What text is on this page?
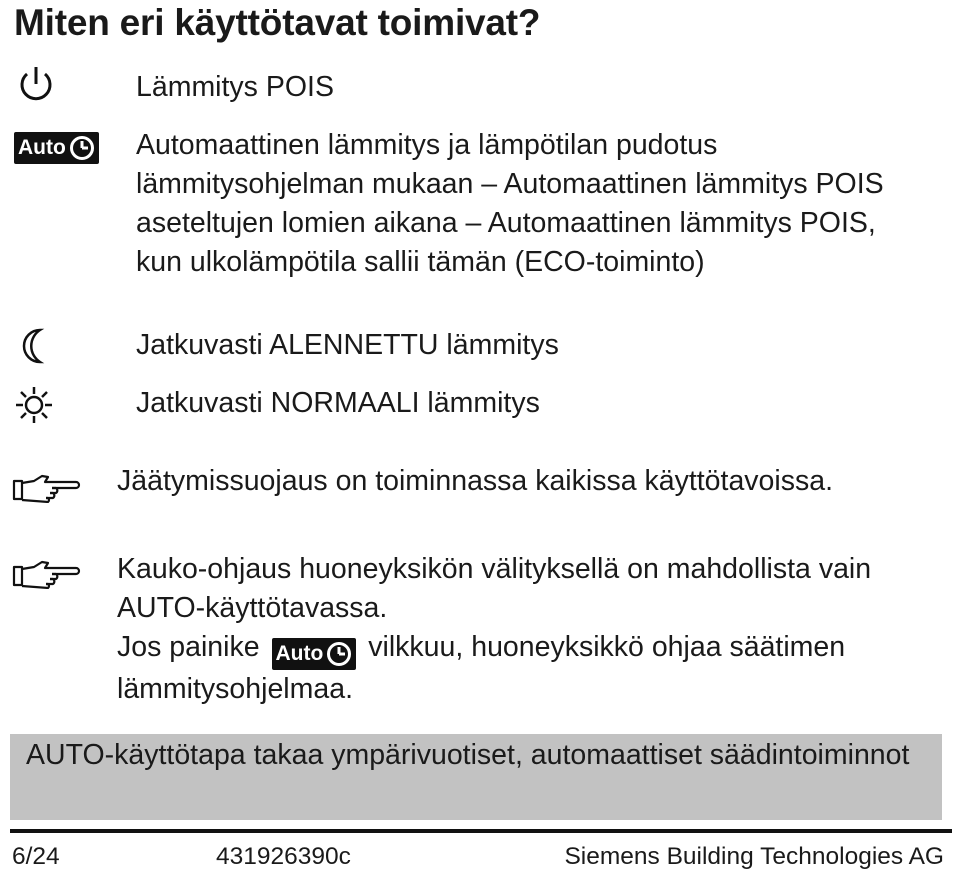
Miten eri käyttötavat toimivat?

Lämmitys POIS

Auto Automaattinen lämmitys ja lämpötilan pudotus lämmitysohjelman mukaan – Automaattinen lämmitys POIS aseteltujen lomien aikana – Automaattinen lämmitys POIS, kun ulkolämpötila sallii tämän (ECO-toiminto)

Jatkuvasti ALENNETTU lämmitys

Jatkuvasti NORMAALI lämmitys

Jäätymissuojaus on toiminnassa kaikissa käyttötavoissa.

Kauko-ohjaus huoneyksikön välityksellä on mahdollista vain AUTO-käyttötavassa.
Jos painike Auto vilkkuu, huoneyksikkö ohjaa säätimen lämmitysohjelmaa.

AUTO-käyttötapa takaa ympärivuotiset, automaattiset säädintoiminnot
6/24	431926390c	Siemens Building Technologies AG
